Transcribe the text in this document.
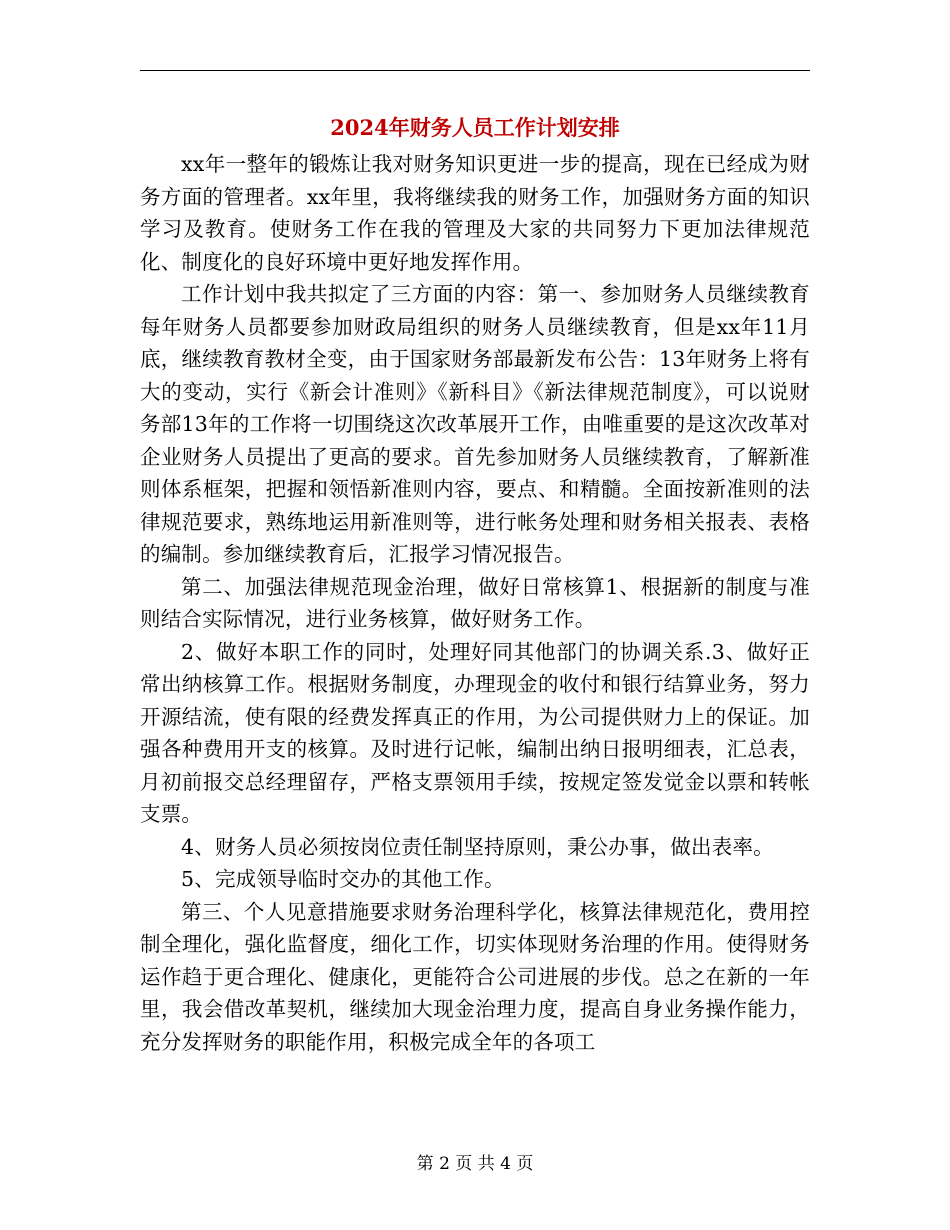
2024年财务人员工作计划安排

xx年一整年的锻炼让我对财务知识更进一步的提高，现在已经成为财务方面的管理者。xx年里，我将继续我的财务工作，加强财务方面的知识学习及教育。使财务工作在我的管理及大家的共同努力下更加法律规范化、制度化的良好环境中更好地发挥作用。

工作计划中我共拟定了三方面的内容：第一、参加财务人员继续教育每年财务人员都要参加财政局组织的财务人员继续教育，但是xx年11月底，继续教育教材全变，由于国家财务部最新发布公告：13年财务上将有大的变动，实行《新会计准则》《新科目》《新法律规范制度》，可以说财务部13年的工作将一切围绕这次改革展开工作，由唯重要的是这次改革对企业财务人员提出了更高的要求。首先参加财务人员继续教育，了解新准则体系框架，把握和领悟新准则内容，要点、和精髓。全面按新准则的法律规范要求，熟练地运用新准则等，进行帐务处理和财务相关报表、表格的编制。参加继续教育后，汇报学习情况报告。

第二、加强法律规范现金治理，做好日常核算1、根据新的制度与准则结合实际情况，进行业务核算，做好财务工作。

2、做好本职工作的同时，处理好同其他部门的协调关系.3、做好正常出纳核算工作。根据财务制度，办理现金的收付和银行结算业务，努力开源结流，使有限的经费发挥真正的作用，为公司提供财力上的保证。加强各种费用开支的核算。及时进行记帐，编制出纳日报明细表，汇总表，月初前报交总经理留存，严格支票领用手续，按规定签发觉金以票和转帐支票。

4、财务人员必须按岗位责任制坚持原则，秉公办事，做出表率。

5、完成领导临时交办的其他工作。

第三、个人见意措施要求财务治理科学化，核算法律规范化，费用控制全理化，强化监督度，细化工作，切实体现财务治理的作用。使得财务运作趋于更合理化、健康化，更能符合公司进展的步伐。总之在新的一年里，我会借改革契机，继续加大现金治理力度，提高自身业务操作能力，充分发挥财务的职能作用，积极完成全年的各项工

第 2 页 共 4 页
